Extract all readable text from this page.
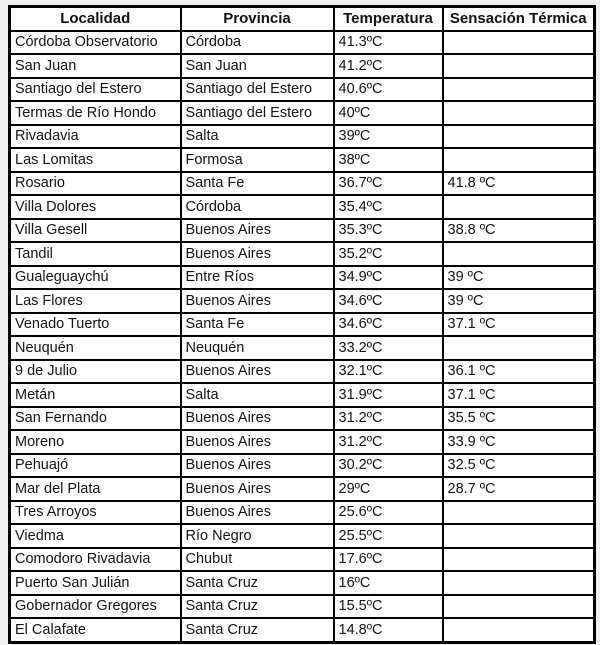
Localidad	Provincia	Temperatura	Sensación Térmica
Córdoba Observatorio	Córdoba	41.3ºC	
San Juan	San Juan	41.2ºC	
Santiago del Estero	Santiago del Estero	40.6ºC	
Termas de Río Hondo	Santiago del Estero	40ºC	
Rivadavia	Salta	39ºC	
Las Lomitas	Formosa	38ºC	
Rosario	Santa Fe	36.7ºC	41.8 ºC
Villa Dolores	Córdoba	35.4ºC	
Villa Gesell	Buenos Aires	35.3ºC	38.8 ºC
Tandil	Buenos Aires	35.2ºC	
Gualeguaychú	Entre Ríos	34.9ºC	39 ºC
Las Flores	Buenos Aires	34.6ºC	39 ºC
Venado Tuerto	Santa Fe	34.6ºC	37.1 ºC
Neuquén	Neuquén	33.2ºC	
9 de Julio	Buenos Aires	32.1ºC	36.1 ºC
Metán	Salta	31.9ºC	37.1 ºC
San Fernando	Buenos Aires	31.2ºC	35.5 ºC
Moreno	Buenos Aires	31.2ºC	33.9 ºC
Pehuajó	Buenos Aires	30.2ºC	32.5 ºC
Mar del Plata	Buenos Aires	29ºC	28.7 ºC
Tres Arroyos	Buenos Aires	25.6ºC	
Viedma	Río Negro	25.5ºC	
Comodoro Rivadavia	Chubut	17.6ºC	
Puerto San Julián	Santa Cruz	16ºC	
Gobernador Gregores	Santa Cruz	15.5ºC	
El Calafate	Santa Cruz	14.8ºC	
